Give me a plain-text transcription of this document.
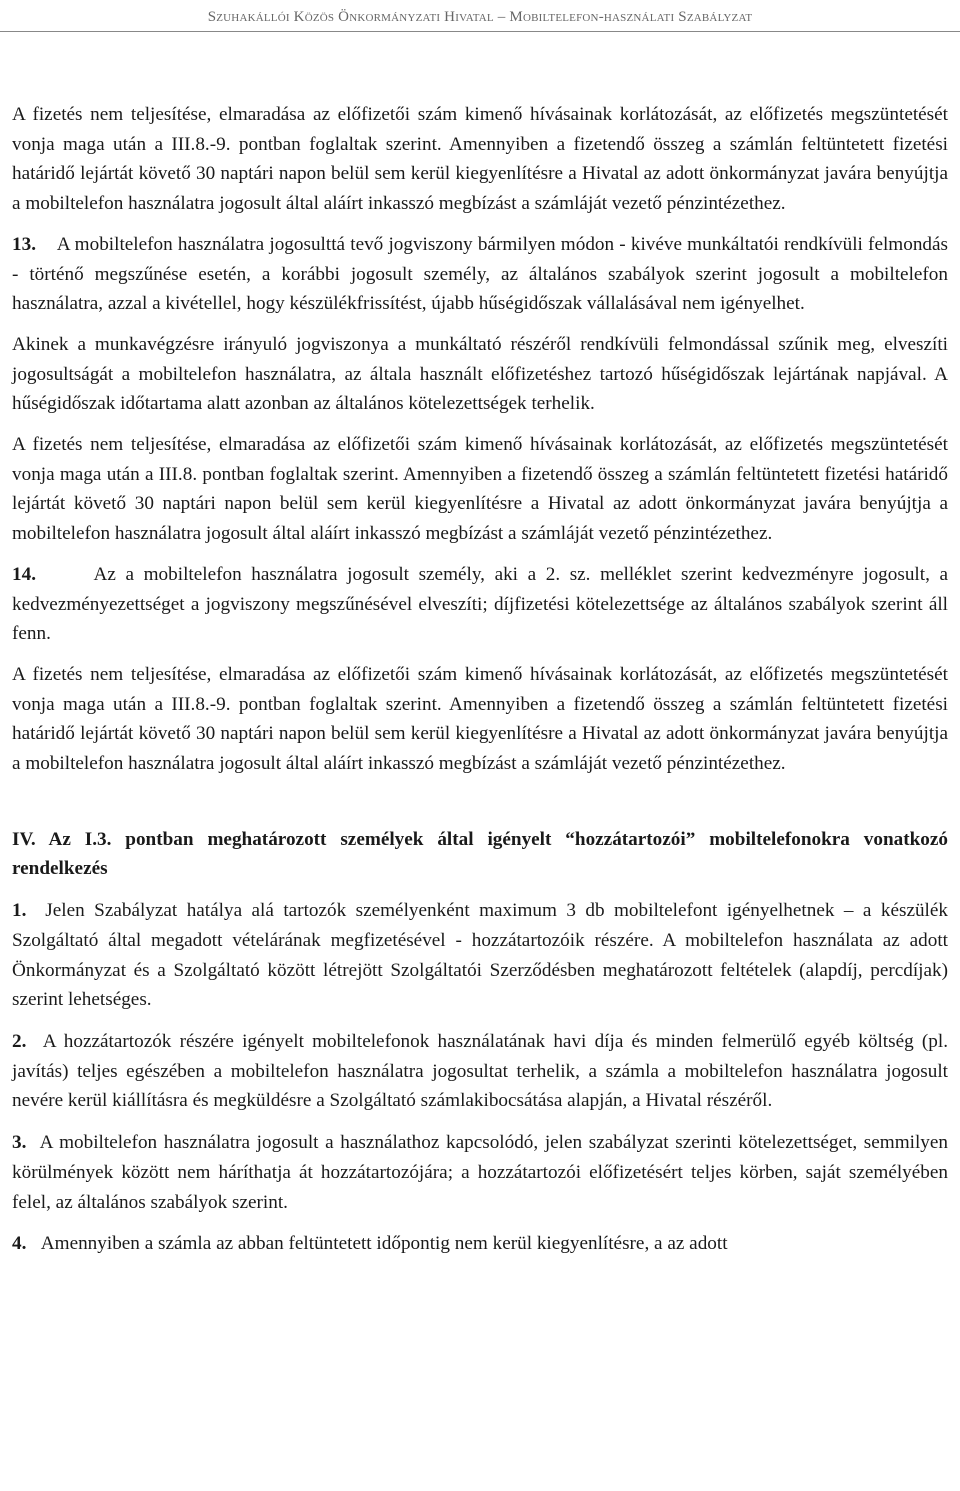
Szuhakállói Közös Önkormányzati Hivatal – Mobiltelefon-használati Szabályzat

A fizetés nem teljesítése, elmaradása az előfizetői szám kimenő hívásainak korlátozását, az előfizetés megszüntetését vonja maga után a III.8.-9. pontban foglaltak szerint. Amennyiben a fizetendő összeg a számlán feltüntetett fizetési határidő lejártát követő 30 naptári napon belül sem kerül kiegyenlítésre a Hivatal az adott önkormányzat javára benyújtja a mobiltelefon használatra jogosult által aláírt inkasszó megbízást a számláját vezető pénzintézethez.

13. A mobiltelefon használatra jogosulttá tevő jogviszony bármilyen módon - kivéve munkáltatói rendkívüli felmondás - történő megszűnése esetén, a korábbi jogosult személy, az általános szabályok szerint jogosult a mobiltelefon használatra, azzal a kivétellel, hogy készülékfrissítést, újabb hűségidőszak vállalásával nem igényelhet.

Akinek a munkavégzésre irányuló jogviszonya a munkáltató részéről rendkívüli felmondással szűnik meg, elveszíti jogosultságát a mobiltelefon használatra, az általa használt előfizetéshez tartozó hűségidőszak lejártának napjával. A hűségidőszak időtartama alatt azonban az általános kötelezettségek terhelik.

A fizetés nem teljesítése, elmaradása az előfizetői szám kimenő hívásainak korlátozását, az előfizetés megszüntetését vonja maga után a III.8. pontban foglaltak szerint. Amennyiben a fizetendő összeg a számlán feltüntetett fizetési határidő lejártát követő 30 naptári napon belül sem kerül kiegyenlítésre a Hivatal az adott önkormányzat javára benyújtja a mobiltelefon használatra jogosult által aláírt inkasszó megbízást a számláját vezető pénzintézethez.

14.	Az a mobiltelefon használatra jogosult személy, aki a 2. sz. melléklet szerint kedvezményre jogosult, a kedvezményezettséget a jogviszony megszűnésével elveszíti; díjfizetési kötelezettsége az általános szabályok szerint áll fenn.

A fizetés nem teljesítése, elmaradása az előfizetői szám kimenő hívásainak korlátozását, az előfizetés megszüntetését vonja maga után a III.8.-9. pontban foglaltak szerint. Amennyiben a fizetendő összeg a számlán feltüntetett fizetési határidő lejártát követő 30 naptári napon belül sem kerül kiegyenlítésre a Hivatal az adott önkormányzat javára benyújtja a mobiltelefon használatra jogosult által aláírt inkasszó megbízást a számláját vezető pénzintézethez.

IV. Az I.3. pontban meghatározott személyek által igényelt “hozzátartozói” mobiltelefonokra vonatkozó rendelkezés

1. Jelen Szabályzat hatálya alá tartozók személyenként maximum 3 db mobiltelefont igényelhetnek – a készülék Szolgáltató által megadott vételárának megfizetésével - hozzátartozóik részére. A mobiltelefon használata az adott Önkormányzat és a Szolgáltató között létrejött Szolgáltatói Szerződésben meghatározott feltételek (alapdíj, percdíjak) szerint lehetséges.

2. A hozzátartozók részére igényelt mobiltelefonok használatának havi díja és minden felmerülő egyéb költség (pl. javítás) teljes egészében a mobiltelefon használatra jogosultat terhelik, a számla a mobiltelefon használatra jogosult nevére kerül kiállításra és megküldésre a Szolgáltató számlakibocsátása alapján, a Hivatal részéről.

3. A mobiltelefon használatra jogosult a használathoz kapcsolódó, jelen szabályzat szerinti kötelezettséget, semmilyen körülmények között nem háríthatja át hozzátartozójára; a hozzátartozói előfizetésért teljes körben, saját személyében felel, az általános szabályok szerint.

4. Amennyiben a számla az abban feltüntetett időpontig nem kerül kiegyenlítésre, a az adott
